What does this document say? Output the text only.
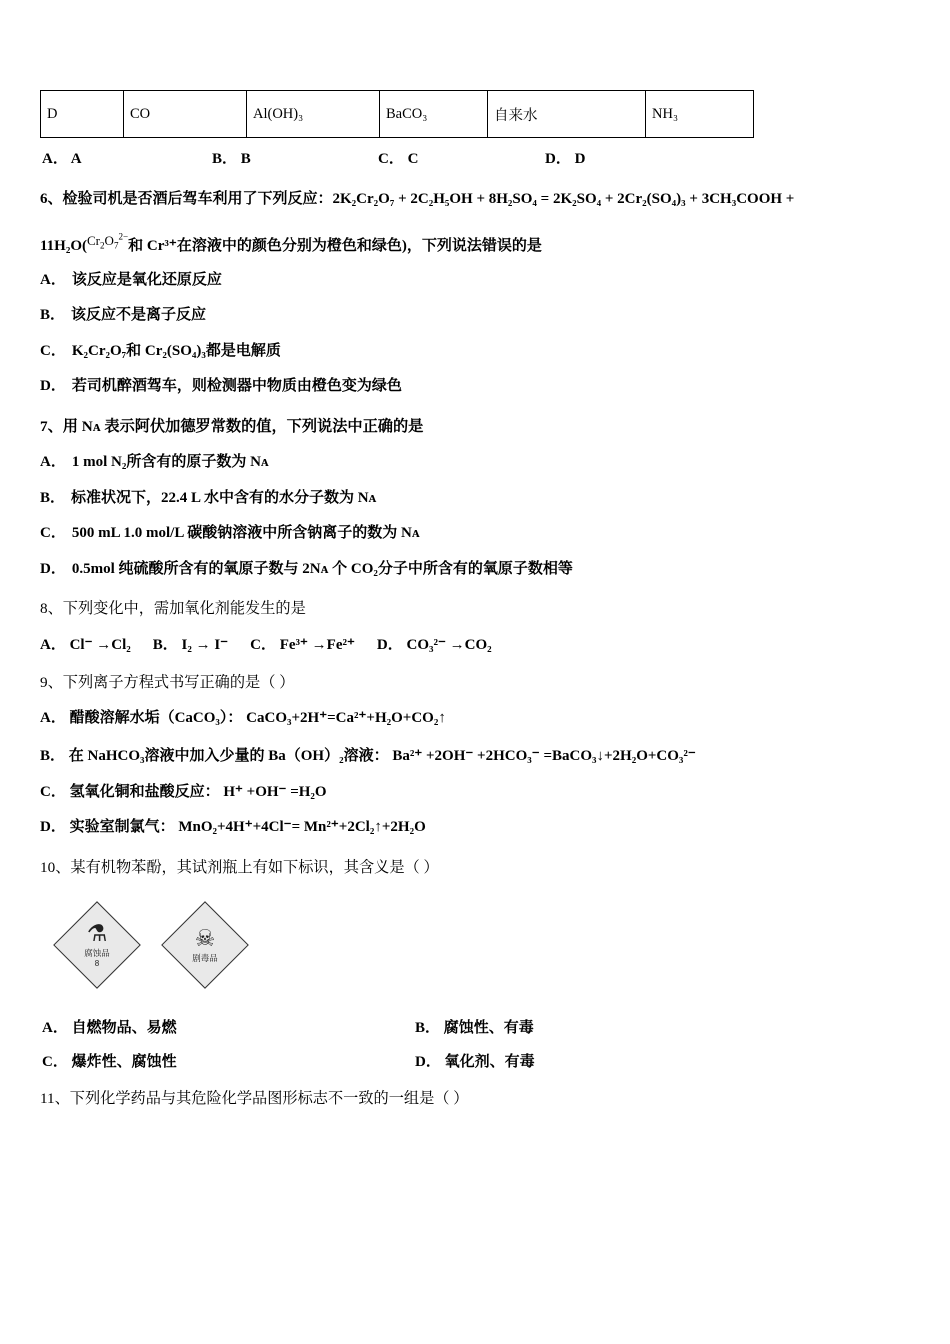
D	CO	Al(OH)₃	BaCO₃	自来水	NH₃
A． A	B． B	C． C	D． D
6、检验司机是否酒后驾车利用了下列反应：2K₂Cr₂O₇ + 2C₂H₅OH + 8H₂SO₄ = 2K₂SO₄ + 2Cr₂(SO₄)₃ + 3CH₃COOH +
$11H_2O(Cr_2O_7^{2-}$和 Cr³⁺在溶液中的颜色分别为橙色和绿色)，下列说法错误的是
A． 该反应是氧化还原反应
B． 该反应不是离子反应
C． K₂Cr₂O₇和 Cr₂(SO₄)₃都是电解质
D． 若司机醉酒驾车，则检测器中物质由橙色变为绿色
7、用 Nᴀ 表示阿伏加德罗常数的值，下列说法中正确的是
A． 1 mol N₂所含有的原子数为 Nᴀ
B． 标准状况下，22.4 L 水中含有的水分子数为 Nᴀ
C． 500 mL 1.0 mol/L 碳酸钠溶液中所含钠离子的数为 Nᴀ
D． 0.5mol 纯硫酸所含有的氧原子数与 2Nᴀ 个 CO₂分子中所含有的氧原子数相等
8、下列变化中，需加氧化剂能发生的是
A． Cl⁻ →Cl₂ B． I₂ → I⁻ C． Fe³⁺ →Fe²⁺ D． CO₃²⁻ →CO₂
9、下列离子方程式书写正确的是（ ）
A． 醋酸溶解水垢（CaCO₃）： CaCO₃+2H⁺=Ca²⁺+H₂O+CO₂↑
B． 在 NaHCO₃溶液中加入少量的 Ba（OH）₂溶液： Ba²⁺ +2OH⁻ +2HCO₃⁻ =BaCO₃↓+2H₂O+CO₃²⁻
C． 氢氧化铜和盐酸反应： H⁺ +OH⁻ =H₂O
D． 实验室制氯气： MnO₂+4H⁺+4Cl⁻= Mn²⁺+2Cl₂↑+2H₂O
10、某有机物苯酚，其试剂瓶上有如下标识，其含义是（ ）
⚗
腐蚀品
8
☠
剧毒品
A． 自燃物品、易燃	B． 腐蚀性、有毒
C． 爆炸性、腐蚀性	D． 氧化剂、有毒
11、下列化学药品与其危险化学品图形标志不一致的一组是（ ）
